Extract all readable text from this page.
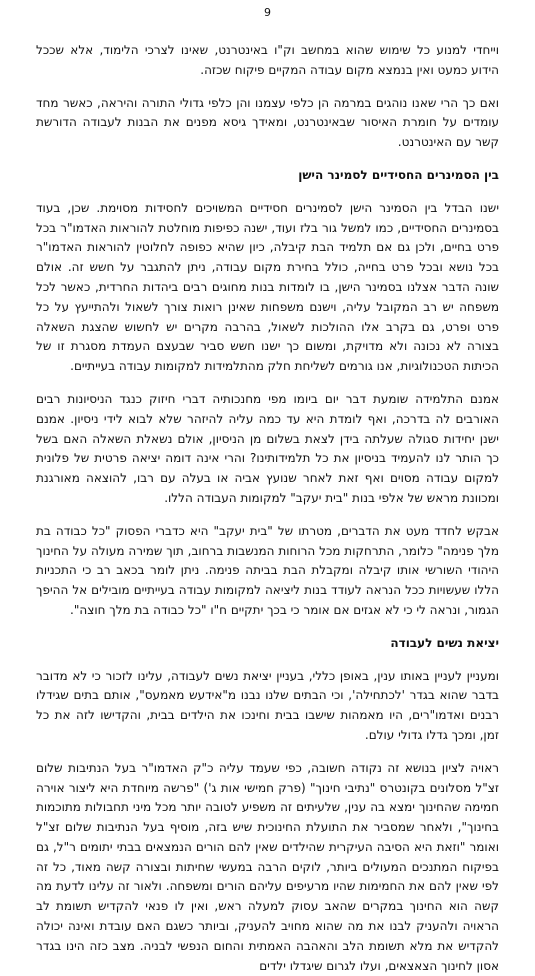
9

וייחדי למנוע כל שימוש שהוא במחשב וק"ו באינטרנט, שאינו לצרכי הלימוד, אלא שככל הידוע כמעט ואין בנמצא מקום עבודה המקיים פיקוח שכזה.

ואם כך הרי שאנו נוהגים במרמה הן כלפי עצמנו והן כלפי גדולי התורה והיראה, כאשר מחד עומדים על חומרת האיסור שבאינטרנט, ומאידך גיסא מפנים את הבנות לעבודה הדורשת קשר עם האינטרנט.

בין הסמינרים החסידיים לסמינר הישן

ישנו הבדל בין הסמינר הישן לסמינרים חסידיים המשויכים לחסידות מסוימת. שכן, בעוד בסמינרים החסידיים, כמו למשל גור בלז ועוד, ישנה כפיפות מוחלטת להוראות האדמו"ר בכל פרט בחיים, ולכן גם אם תלמיד הבת קיבלה, כיון שהיא כפופה לחלוטין להוראות האדמו"ר בכל נושא ובכל פרט בחייה, כולל בחירת מקום עבודה, ניתן להתגבר על חשש זה. אולם שונה הדבר אצלנו בסמינר הישן, בו לומדות בנות מחוגים רבים ביהדות החרדית, כאשר לכל משפחה יש רב המקובל עליה, וישנם משפחות שאינן רואות צורך לשאול ולהתייעץ על כל פרט ופרט, גם בקרב אלו ההולכות לשאול, בהרבה מקרים יש לחשוש שהצגת השאלה בצורה לא נכונה ולא מדויקת, ומשום כך ישנו חשש סביר שבעצם העמדת מסגרת זו של הכיתות הטכנולוגיות, אנו גורמים לשליחת חלק מהתלמידות למקומות עבודה בעייתיים.

אמנם התלמידה שומעת דבר יום ביומו מפי מחנכותיה דברי חיזוק כנגד הניסיונות רבים האורבים לה בדרכה, ואף לומדת היא עד כמה עליה להיזהר שלא לבוא לידי ניסיון. אמנם ישנן יחידות סגולה שעלתה בידן לצאת בשלום מן הניסיון, אולם נשאלת השאלה האם בשל כך הותר לנו להעמיד בניסיון את כל תלמידותינו? והרי אינה דומה יציאה פרטית של פלונית למקום עבודה מסוים ואף זאת לאחר שנועץ אביה או בעלה עם רבו, להוצאה מאורגנת ומכוונת מראש של אלפי בנות "בית יעקב" למקומות העבודה הללו.

אבקש לחדד מעט את הדברים, מטרתו של "בית יעקב" היא כדברי הפסוק "כל כבודה בת מלך פנימה" כלומר, התרחקות מכל הרוחות המנשבות ברחוב, תוך שמירה מעולה על החינוך היהודי השורשי אותו קיבלה ומקבלת הבת בביתה פנימה. ניתן לומר בכאב רב כי התכניות הללו שעשויות ככל הנראה לעודד בנות ליציאה למקומות עבודה בעייתיים מובילים אל ההיפך הגמור, ונראה לי כי לא אגזים אם אומר כי בכך יתקיים ח"ו "כל כבודה בת מלך חוצה".

יציאת נשים לעבודה

ומעניין לעניין באותו ענין, באופן כללי, בעניין יציאת נשים לעבודה, עלינו לזכור כי לא מדובר בדבר שהוא בגדר 'לכתחילה', וכי הבתים שלנו נבנו מ"אידעש מאמעס", אותם בתים שגידלו רבנים ואדמו"רים, היו מאמהות שישבו בבית וחינכו את הילדים בבית, והקדישו לזה את כל זמן, ומכך גדלו גדולי עולם.

ראויה לציון בנושא זה נקודה חשובה, כפי שעמד עליה כ"ק האדמו"ר בעל הנתיבות שלום זצ"ל מסלונים בקונטרס "נתיבי חינוך" (פרק חמישי אות ג') "פרשה מיוחדת היא ליצור אוירה חמימה שהחינוך ימצא בה ענין, שלעיתים זה משפיע לטובה יותר מכל מיני תחבולות מתוכמות בחינוך", ולאחר שמסביר את התועלת החינוכית שיש בזה, מוסיף בעל הנתיבות שלום זצ"ל ואומר "וזאת היא הסיבה העיקרית שהילדים שאין להם הורים הנמצאים בבתי יתומים ר"ל, גם בפיקוח המתנכים המעולים ביותר, לוקים הרבה במעשי שחיתות ובצורה קשה מאוד, כל זה לפי שאין להם את החמימות שהיו מרעיפים עליהם הורים ומשפחה. ולאור זה עלינו לדעת מה קשה הוא החינוך במקרים שהאב עסוק למעלה ראש, ואין לו פנאי להקדיש תשומת לב הראויה ולהעניק לבנו את מה שהוא מחויב להעניק, וביותר כשגם האם עובדת ואינה יכולה להקדיש את מלא תשומת הלב והאהבה האמתית והחום הנפשי לבניה. מצב כזה הינו בגדר אסון לחינוך הצאצאים, ועלו לגרום שיגדלו ילדים
